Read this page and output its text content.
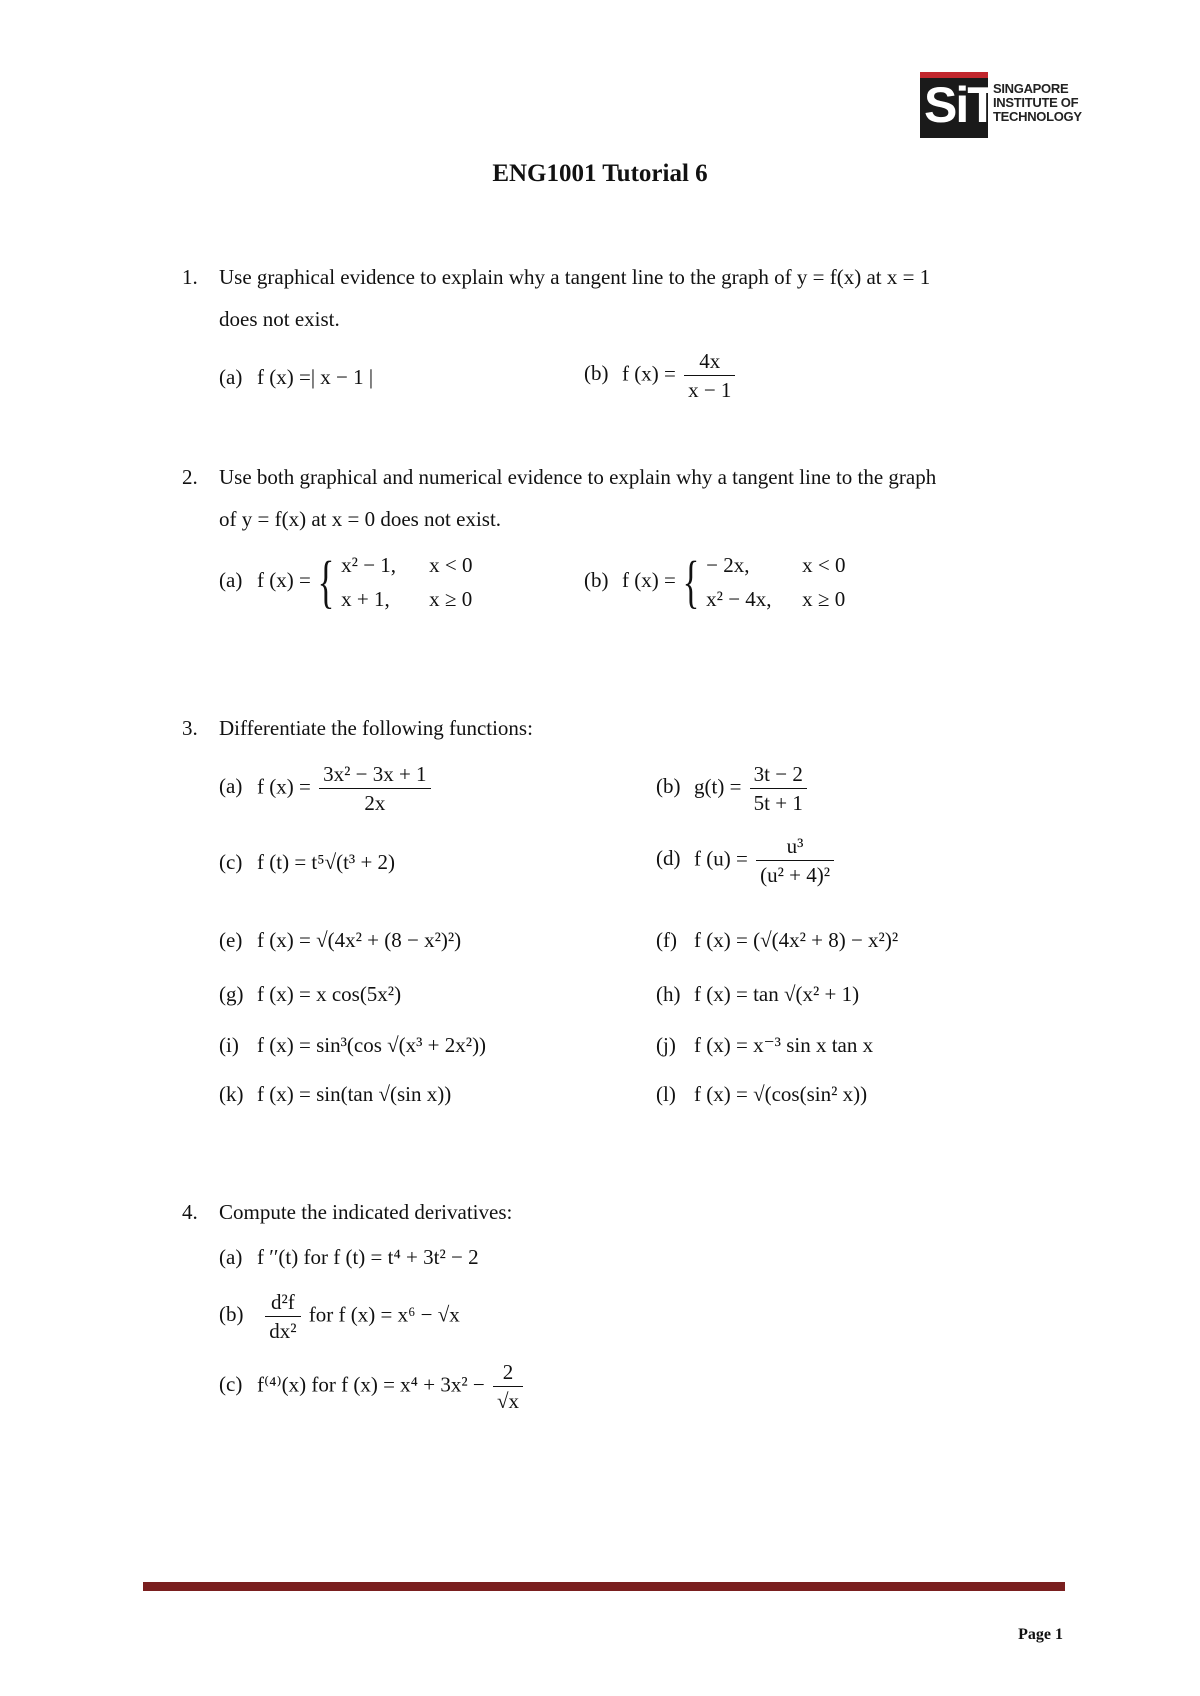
SiT
SINGAPORE
INSTITUTE OF
TECHNOLOGY
ENG1001 Tutorial 6
1. Use graphical evidence to explain why a tangent line to the graph of y = f(x) at x = 1
does not exist.
(a) f (x) =| x − 1 |	(b) f $(x) = \frac{4x}{x - 1}$
2. Use both graphical and numerical evidence to explain why a tangent line to the graph
of y = f(x) at x = 0 does not exist.
(a) f (x) = { x² − 1,	x < 0
x + 1,	x ≥ 0
(b) f (x) = { − 2x,	x < 0
x² − 4x,	x ≥ 0
3. Differentiate the following functions:
(a) f $(x) = \frac{\text{3x² − 3x + 1}}{2x}$	(b) $g(t) = \frac{3t - 2}{5t + 1}$
(c) f (t) = t⁵√(t³ + 2)	(d) f $(u) = \frac{\text{u³}}{\text{(u² + 4)²}}$
(e) f (x) = √(4x² + (8 − x²)²)	(f) f (x) = (√(4x² + 8) − x²)²
(g) f (x) = x cos(5x²)	(h) f (x) = tan √(x² + 1)
(i) f (x) = sin³(cos √(x³ + 2x²))	(j) f (x) = x⁻³ sin x tan x
(k) f (x) = sin(tan √(sin x))	(l) f (x) = √(cos(sin² x))
4. Compute the indicated derivatives:
(a) f ′′(t) for f (t) = t⁴ + 3t² − 2
$(b) \frac{\text{d²f}}{\text{dx²}}$ for f (x) = x⁶ − √x
(c) f⁽⁴⁾(x) for f $(x) = x^4 + 3x^2 - \frac{2}{√x}$
Page 1
